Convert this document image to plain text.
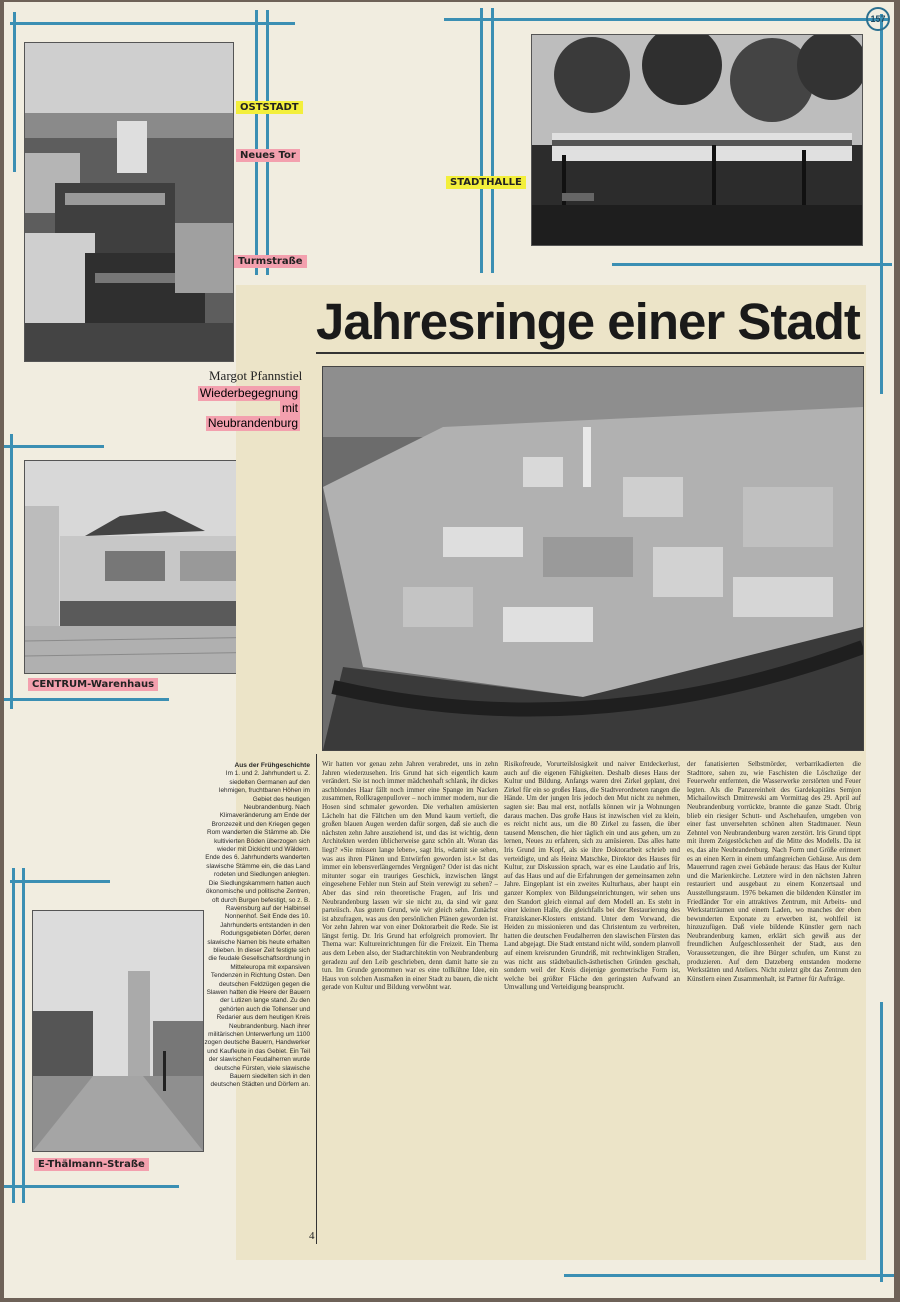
157
OSTSTADT
Neues Tor
Turmstraße
STADTHALLE
CENTRUM-Warenhaus
E-Thälmann-Straße
Jahresringe einer Stadt
Margot Pfannstiel
Wiederbegegnung
mit
Neubrandenburg
Aus der Frühgeschichte
Im 1. und 2. Jahrhundert u. Z. siedelten Germanen auf den lehmigen, fruchtbaren Höhen im Gebiet des heutigen Neubrandenburg. Nach Klimaveränderung am Ende der Bronzezeit und den Kriegen gegen Rom wanderten die Stämme ab. Die kultivierten Böden überzogen sich wieder mit Dickicht und Wäldern. Ende des 6. Jahrhunderts wanderten slawische Stämme ein, die das Land rodeten und Siedlungen anlegten. Die Siedlungskammern hatten auch ökonomische und politische Zentren, oft durch Burgen befestigt, so z. B. Ravensburg auf der Halbinsel Nonnenhof. Seit Ende des 10. Jahrhunderts entstanden in den Rodungsgebieten Dörfer, deren slawische Namen bis heute erhalten blieben. In dieser Zeit festigte sich die feudale Gesellschaftsordnung in Mitteleuropa mit expansiven Tendenzen in Richtung Osten. Den deutschen Feldzügen gegen die Slawen hatten die Heere der Bauern der Lutizen lange stand. Zu den gehörten auch die Tollenser und Redarier aus dem heutigen Kreis Neubrandenburg. Nach ihrer militärischen Unterwerfung um 1100 zogen deutsche Bauern, Handwerker und Kaufleute in das Gebiet. Ein Teil der slawischen Feudalherren wurde deutsche Fürsten, viele slawische Bauern siedelten sich in den deutschen Städten und Dörfern an.
Wir hatten vor genau zehn Jahren verabredet, uns in zehn Jahren wiederzusehen. Iris Grund hat sich eigentlich kaum verändert. Sie ist noch immer mädchenhaft schlank, ihr dickes aschblondes Haar fällt noch immer eine Spange im Nacken zusammen, Rollkragenpullover – noch immer modern, nur die Hosen sind schmaler geworden. Die verhalten amüsierten Lächeln hat die Fältchen um den Mund kaum vertieft, die großen blauen Augen werden dafür sorgen, daß sie auch die nächsten zehn Jahre ausziehend ist, und das ist wichtig, denn Architekten werden üblicherweise ganz schön alt. Woran das liegt? »Sie müssen lange leben«, sagt Iris, »damit sie sehen, was aus ihren Plänen und Entwürfen geworden ist.« Ist das immer ein lebensverlängerndes Vergnügen? Oder ist das nicht mitunter sogar ein trauriges Geschick, inzwischen längst eingesehene Fehler nun Stein auf Stein verewigt zu sehen? – Aber das sind rein theoretische Fragen, auf Iris und Neubrandenburg lassen wir sie nicht zu, da sind wir ganz parteiisch. Aus gutem Grund, wie wir gleich sehn. Zunächst ist abzufragen, was aus den persönlichen Plänen geworden ist. Vor zehn Jahren war von einer Doktorarbeit die Rede. Sie ist längst fertig. Dr. Iris Grund hat erfolgreich promoviert. Ihr Thema war: Kultureinrichtungen für die Freizeit. Ein Thema aus dem Leben also, der Stadtarchitektin von Neubrandenburg geradezu auf den Leib geschrieben, denn damit hatte sie zu tun. Im Grunde genommen war es eine tollkühne Idee, ein Haus von solchen Ausmaßen in einer Stadt zu bauen, die nicht gerade von Kultur und Bildung verwöhnt war.
Risikofreude, Vorurteilslosigkeit und naiver Entdeckerlust, auch auf die eigenen Fähigkeiten. Deshalb dieses Haus der Kultur und Bildung. Anfangs waren drei Zirkel geplant, drei Zirkel für ein so großes Haus, die Stadtverordneten rangen die Hände. Um der jungen Iris jedoch den Mut nicht zu nehmen, sagten sie: Bau mal erst, notfalls können wir ja Wohnungen daraus machen. Das große Haus ist inzwischen viel zu klein, es reicht nicht aus, um die 80 Zirkel zu fassen, die über tausend Menschen, die hier täglich ein und aus gehen, um zu lernen, Neues zu erfahren, sich zu amüsieren. Das alles hatte Iris Grund im Kopf, als sie ihre Doktorarbeit schrieb und verteidigte, und als Heinz Matschke, Direktor des Hauses für Kultur, zur Diskussion sprach, war es eine Laudatio auf Iris, auf das Haus und auf die Erfahrungen der gemeinsamen zehn Jahre. Eingeplant ist ein zweites Kulturhaus, aber haupt ein ganzer Komplex von Bildungseinrichtungen, wir sehen uns den Standort gleich einmal auf dem Modell an. Es steht in einer kleinen Halle, die gleichfalls bei der Restaurierung des Franziskaner-Klosters entstand. Unter dem Vorwand, die Heiden zu missionieren und das Christentum zu verbreiten, hatten die deutschen Feudalherren den slawischen Fürsten das Land abgejagt. Die Stadt entstand nicht wild, sondern planvoll auf einem kreisrunden Grundriß, mit rechtwinkligen Straßen, was nicht aus städtebaulich-ästhetischen Gründen geschah, sondern weil der Kreis diejenige geometrische Form ist, welche bei größter Fläche den geringsten Aufwand an Umwallung und Verteidigung beansprucht.
der fanatisierten Selbstmörder, verbarrikadierten die Stadttore, sahen zu, wie Faschisten die Löschzüge der Feuerwehr entfernten, die Wasserwerke zerstörten und Feuer legten. Als die Panzereinheit des Gardekapitäns Semjon Michailowitsch Dmitrewski am Vormittag des 29. April auf Neubrandenburg vorrückte, brannte die ganze Stadt. Übrig blieb ein riesiger Schutt- und Aschehaufen, umgeben von einer fast unversehrten schönen alten Stadtmauer. Neun Zehntel von Neubrandenburg waren zerstört. Iris Grund tippt mit ihrem Zeigestöckchen auf die Mitte des Modells. Da ist es, das alte Neubrandenburg. Nach Form und Größe erinnert es an einen Kern in einem umfangreichen Gehäuse. Aus dem Mauerrund ragen zwei Gebäude heraus: das Haus der Kultur und die Marienkirche. Letztere wird in den nächsten Jahren restauriert und ausgebaut zu einem Konzertsaal und Ausstellungsraum. 1976 bekamen die bildenden Künstler im Friedländer Tor ein attraktives Zentrum, mit Arbeits- und Werkstatträumen und einem Laden, wo manches der eben bewunderten Exponate zu erwerben ist, wohlfeil ist hinzuzufügen. Daß viele bildende Künstler gern nach Neubrandenburg kamen, erklärt sich gewiß aus der freundlichen Aufgeschlossenheit der Stadt, aus den Voraussetzungen, die ihre Bürger schufen, um Kunst zu produzieren. Auf dem Datzeberg entstanden moderne Werkstätten und Ateliers. Nicht zuletzt gibt das Zentrum den Künstlern einen Zusammenhalt, ist Partner für Aufträge.
4
